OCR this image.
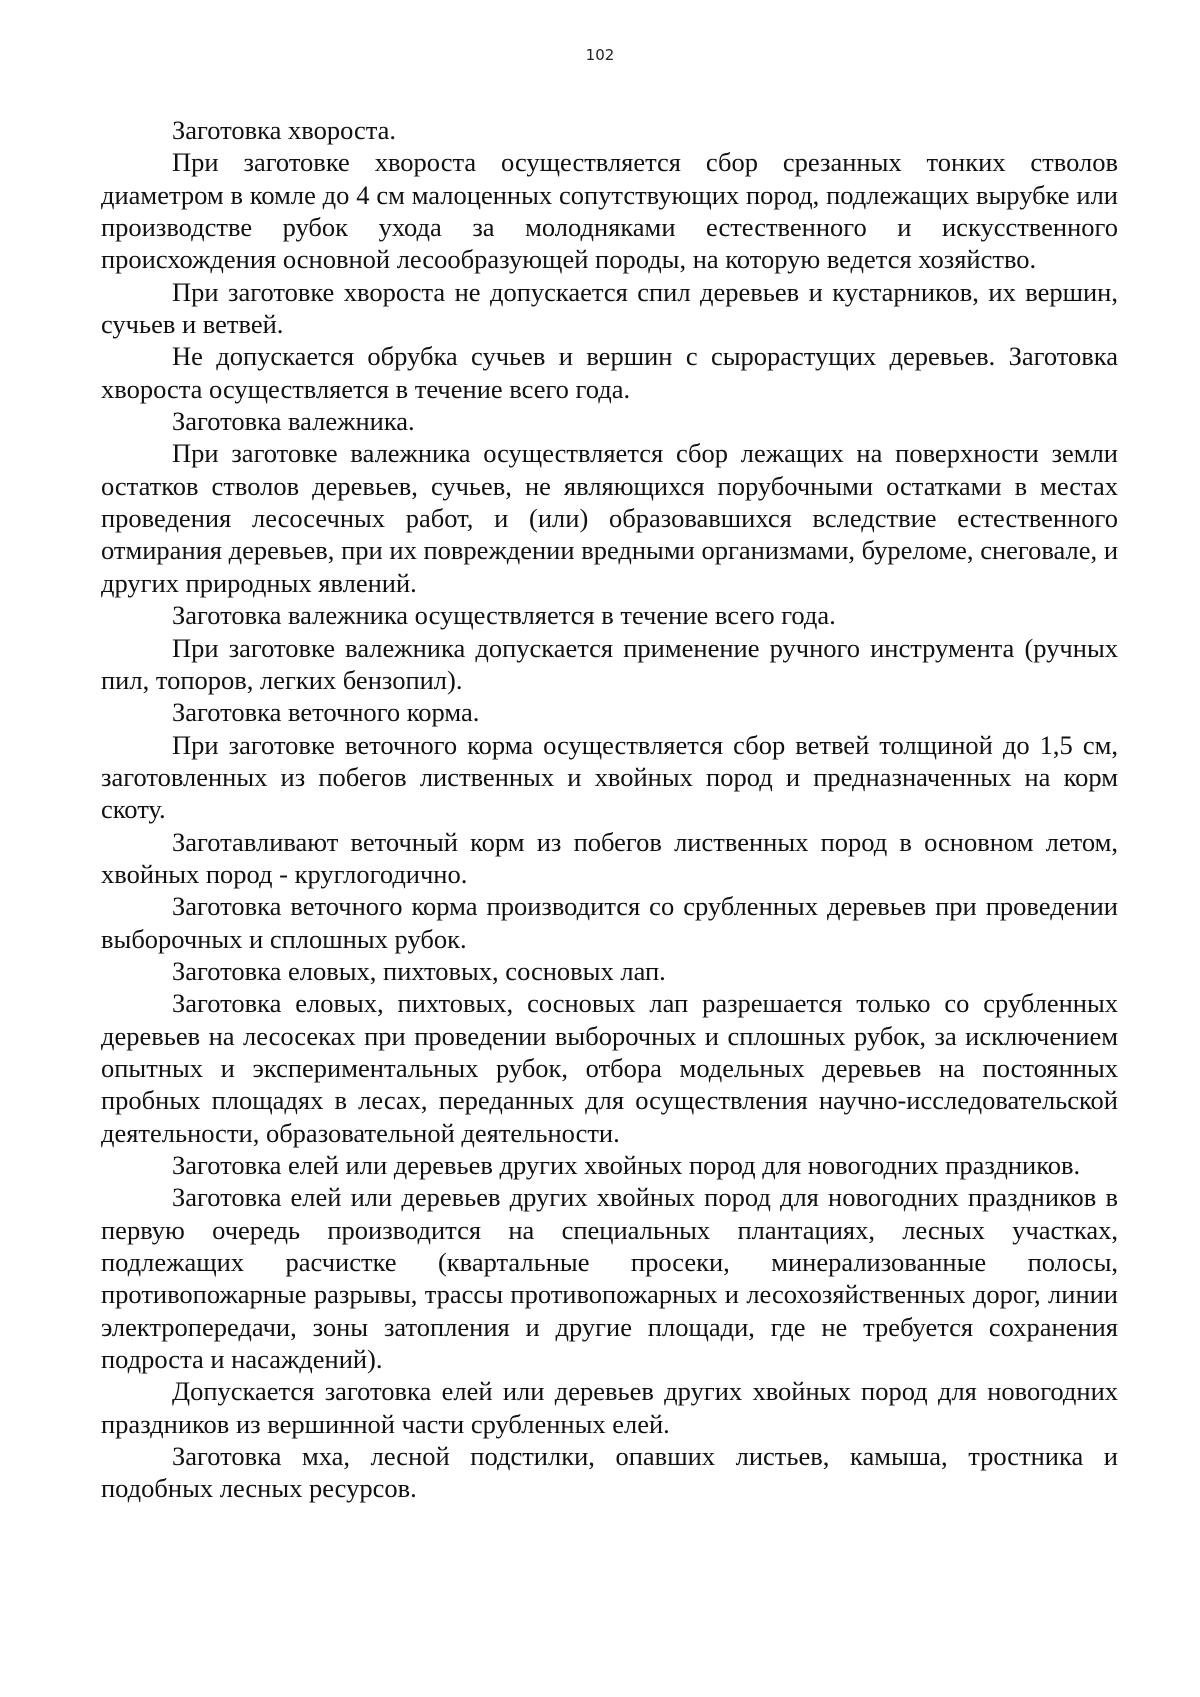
102

Заготовка хвороста.

При заготовке хвороста осуществляется сбор срезанных тонких стволов диаметром в комле до 4 см малоценных сопутствующих пород, подлежащих вырубке или производстве рубок ухода за молодняками естественного и искусственного происхождения основной лесообразующей породы, на которую ведется хозяйство.

При заготовке хвороста не допускается спил деревьев и кустарников, их вершин, сучьев и ветвей.

Не допускается обрубка сучьев и вершин с сырорастущих деревьев. Заготовка хвороста осуществляется в течение всего года.

Заготовка валежника.

При заготовке валежника осуществляется сбор лежащих на поверхности земли остатков стволов деревьев, сучьев, не являющихся порубочными остатками в местах проведения лесосечных работ, и (или) образовавшихся вследствие естественного отмирания деревьев, при их повреждении вредными организмами, буреломе, снеговале, и других природных явлений.

Заготовка валежника осуществляется в течение всего года.

При заготовке валежника допускается применение ручного инструмента (ручных пил, топоров, легких бензопил).

Заготовка веточного корма.

При заготовке веточного корма осуществляется сбор ветвей толщиной до 1,5 см, заготовленных из побегов лиственных и хвойных пород и предназначенных на корм скоту.

Заготавливают веточный корм из побегов лиственных пород в основном летом, хвойных пород - круглогодично.

Заготовка веточного корма производится со срубленных деревьев при проведении выборочных и сплошных рубок.

Заготовка еловых, пихтовых, сосновых лап.

Заготовка еловых, пихтовых, сосновых лап разрешается только со срубленных деревьев на лесосеках при проведении выборочных и сплошных рубок, за исключением опытных и экспериментальных рубок, отбора модельных деревьев на постоянных пробных площадях в лесах, переданных для осуществления научно-исследовательской деятельности, образовательной деятельности.

Заготовка елей или деревьев других хвойных пород для новогодних праздников.

Заготовка елей или деревьев других хвойных пород для новогодних праздников в первую очередь производится на специальных плантациях, лесных участках, подлежащих расчистке (квартальные просеки, минерализованные полосы, противопожарные разрывы, трассы противопожарных и лесохозяйственных дорог, линии электропередачи, зоны затопления и другие площади, где не требуется сохранения подроста и насаждений).

Допускается заготовка елей или деревьев других хвойных пород для новогодних праздников из вершинной части срубленных елей.

Заготовка мха, лесной подстилки, опавших листьев, камыша, тростника и подобных лесных ресурсов.
